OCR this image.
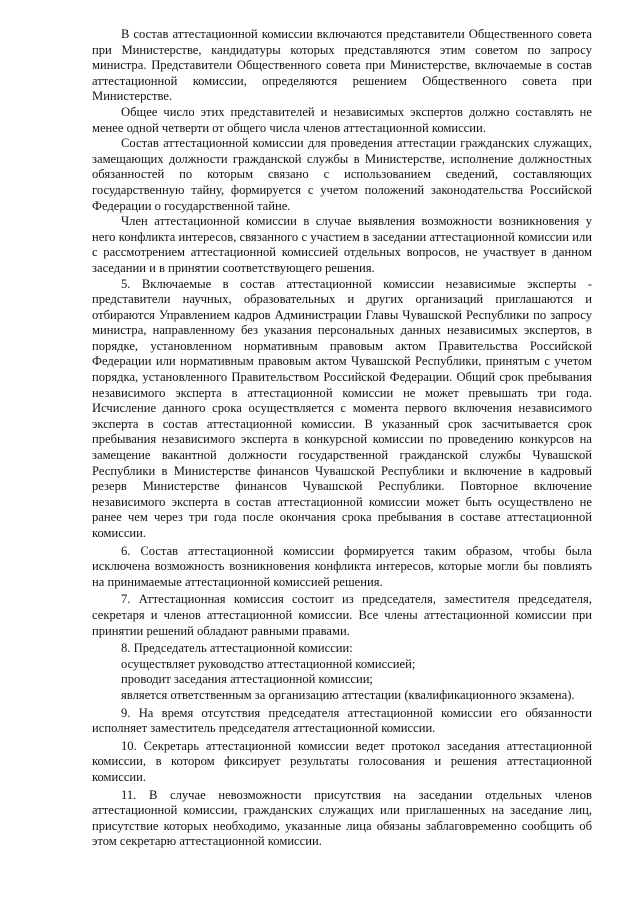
В состав аттестационной комиссии включаются представители Общественного совета при Министерстве, кандидатуры которых представляются этим советом по запросу министра. Представители Общественного совета при Министерстве, включаемые в состав аттестационной комиссии, определяются решением Общественного совета при Министерстве.

Общее число этих представителей и независимых экспертов должно составлять не менее одной четверти от общего числа членов аттестационной комиссии.

Состав аттестационной комиссии для проведения аттестации гражданских служащих, замещающих должности гражданской службы в Министерстве, исполнение должностных обязанностей по которым связано с использованием сведений, составляющих государственную тайну, формируется с учетом положений законодательства Российской Федерации о государственной тайне.

Член аттестационной комиссии в случае выявления возможности возникновения у него конфликта интересов, связанного с участием в заседании аттестационной комиссии или с рассмотрением аттестационной комиссией отдельных вопросов, не участвует в данном заседании и в принятии соответствующего решения.

5. Включаемые в состав аттестационной комиссии независимые эксперты - представители научных, образовательных и других организаций приглашаются и отбираются Управлением кадров Администрации Главы Чувашской Республики по запросу министра, направленному без указания персональных данных независимых экспертов, в порядке, установленном нормативным правовым актом Правительства Российской Федерации или нормативным правовым актом Чувашской Республики, принятым с учетом порядка, установленного Правительством Российской Федерации. Общий срок пребывания независимого эксперта в аттестационной комиссии не может превышать три года. Исчисление данного срока осуществляется с момента первого включения независимого эксперта в состав аттестационной комиссии. В указанный срок засчитывается срок пребывания независимого эксперта в конкурсной комиссии по проведению конкурсов на замещение вакантной должности государственной гражданской службы Чувашской Республики в Министерстве финансов Чувашской Республики и включение в кадровый резерв Министерстве финансов Чувашской Республики. Повторное включение независимого эксперта в состав аттестационной комиссии может быть осуществлено не ранее чем через три года после окончания срока пребывания в составе аттестационной комиссии.

6. Состав аттестационной комиссии формируется таким образом, чтобы была исключена возможность возникновения конфликта интересов, которые могли бы повлиять на принимаемые аттестационной комиссией решения.

7. Аттестационная комиссия состоит из председателя, заместителя председателя, секретаря и членов аттестационной комиссии. Все члены аттестационной комиссии при принятии решений обладают равными правами.

8. Председатель аттестационной комиссии:

осуществляет руководство аттестационной комиссией;

проводит заседания аттестационной комиссии;

является ответственным за организацию аттестации (квалификационного экзамена).

9. На время отсутствия председателя аттестационной комиссии его обязанности исполняет заместитель председателя аттестационной комиссии.

10. Секретарь аттестационной комиссии ведет протокол заседания аттестационной комиссии, в котором фиксирует результаты голосования и решения аттестационной комиссии.

11. В случае невозможности присутствия на заседании отдельных членов аттестационной комиссии, гражданских служащих или приглашенных на заседание лиц, присутствие которых необходимо, указанные лица обязаны заблаговременно сообщить об этом секретарю аттестационной комиссии.
